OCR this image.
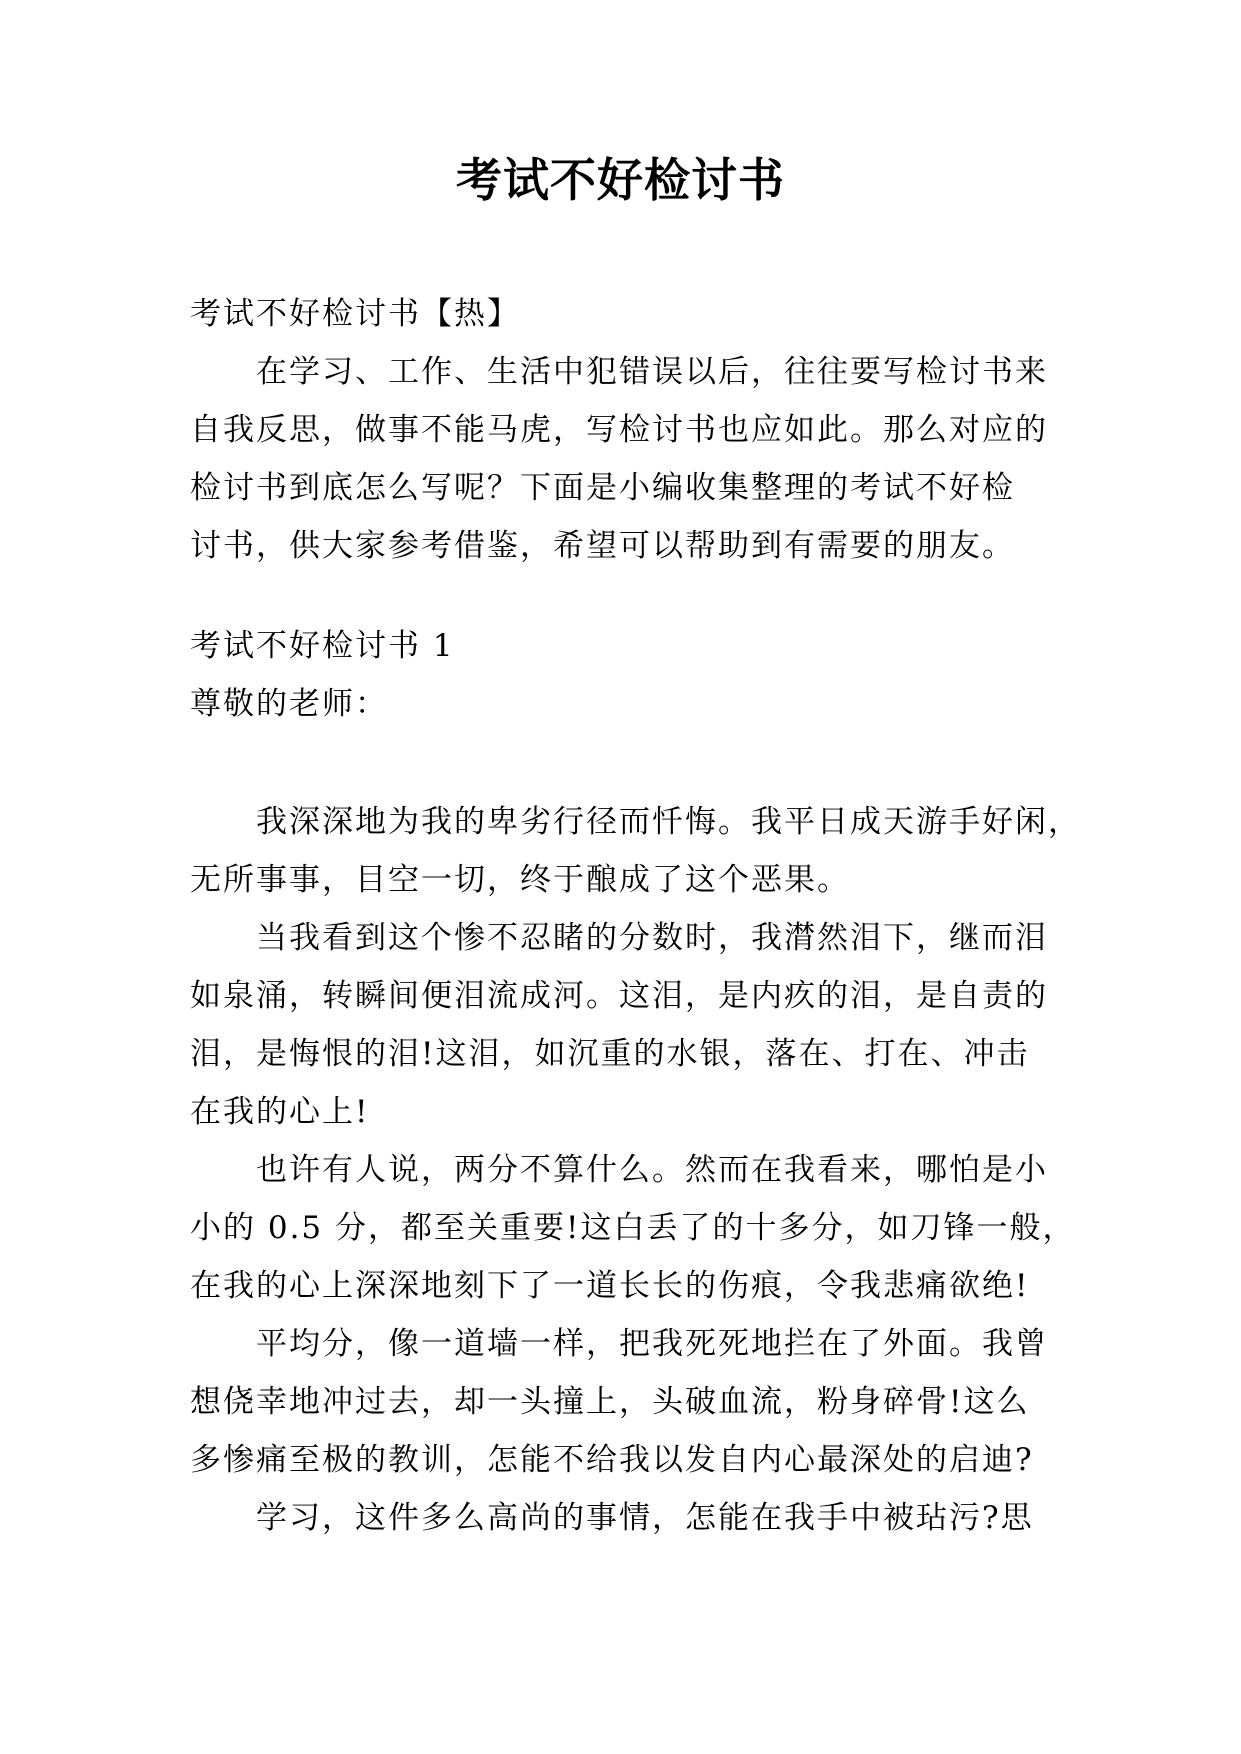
考试不好检讨书
考试不好检讨书【热】
在学习、工作、生活中犯错误以后，往往要写检讨书来
自我反思，做事不能马虎，写检讨书也应如此。那么对应的
检讨书到底怎么写呢？下面是小编收集整理的考试不好检
讨书，供大家参考借鉴，希望可以帮助到有需要的朋友。
考试不好检讨书 1
尊敬的老师：
我深深地为我的卑劣行径而忏悔。我平日成天游手好闲，
无所事事，目空一切，终于酿成了这个恶果。
当我看到这个惨不忍睹的分数时，我潸然泪下，继而泪
如泉涌，转瞬间便泪流成河。这泪，是内疚的泪，是自责的
泪，是悔恨的泪!这泪，如沉重的水银，落在、打在、冲击
在我的心上!
也许有人说，两分不算什么。然而在我看来，哪怕是小
小的 0.5 分，都至关重要!这白丢了的十多分，如刀锋一般，
在我的心上深深地刻下了一道长长的伤痕，令我悲痛欲绝!
平均分，像一道墙一样，把我死死地拦在了外面。我曾
想侥幸地冲过去，却一头撞上，头破血流，粉身碎骨!这么
多惨痛至极的教训，怎能不给我以发自内心最深处的启迪?
学习，这件多么高尚的事情，怎能在我手中被玷污?思
